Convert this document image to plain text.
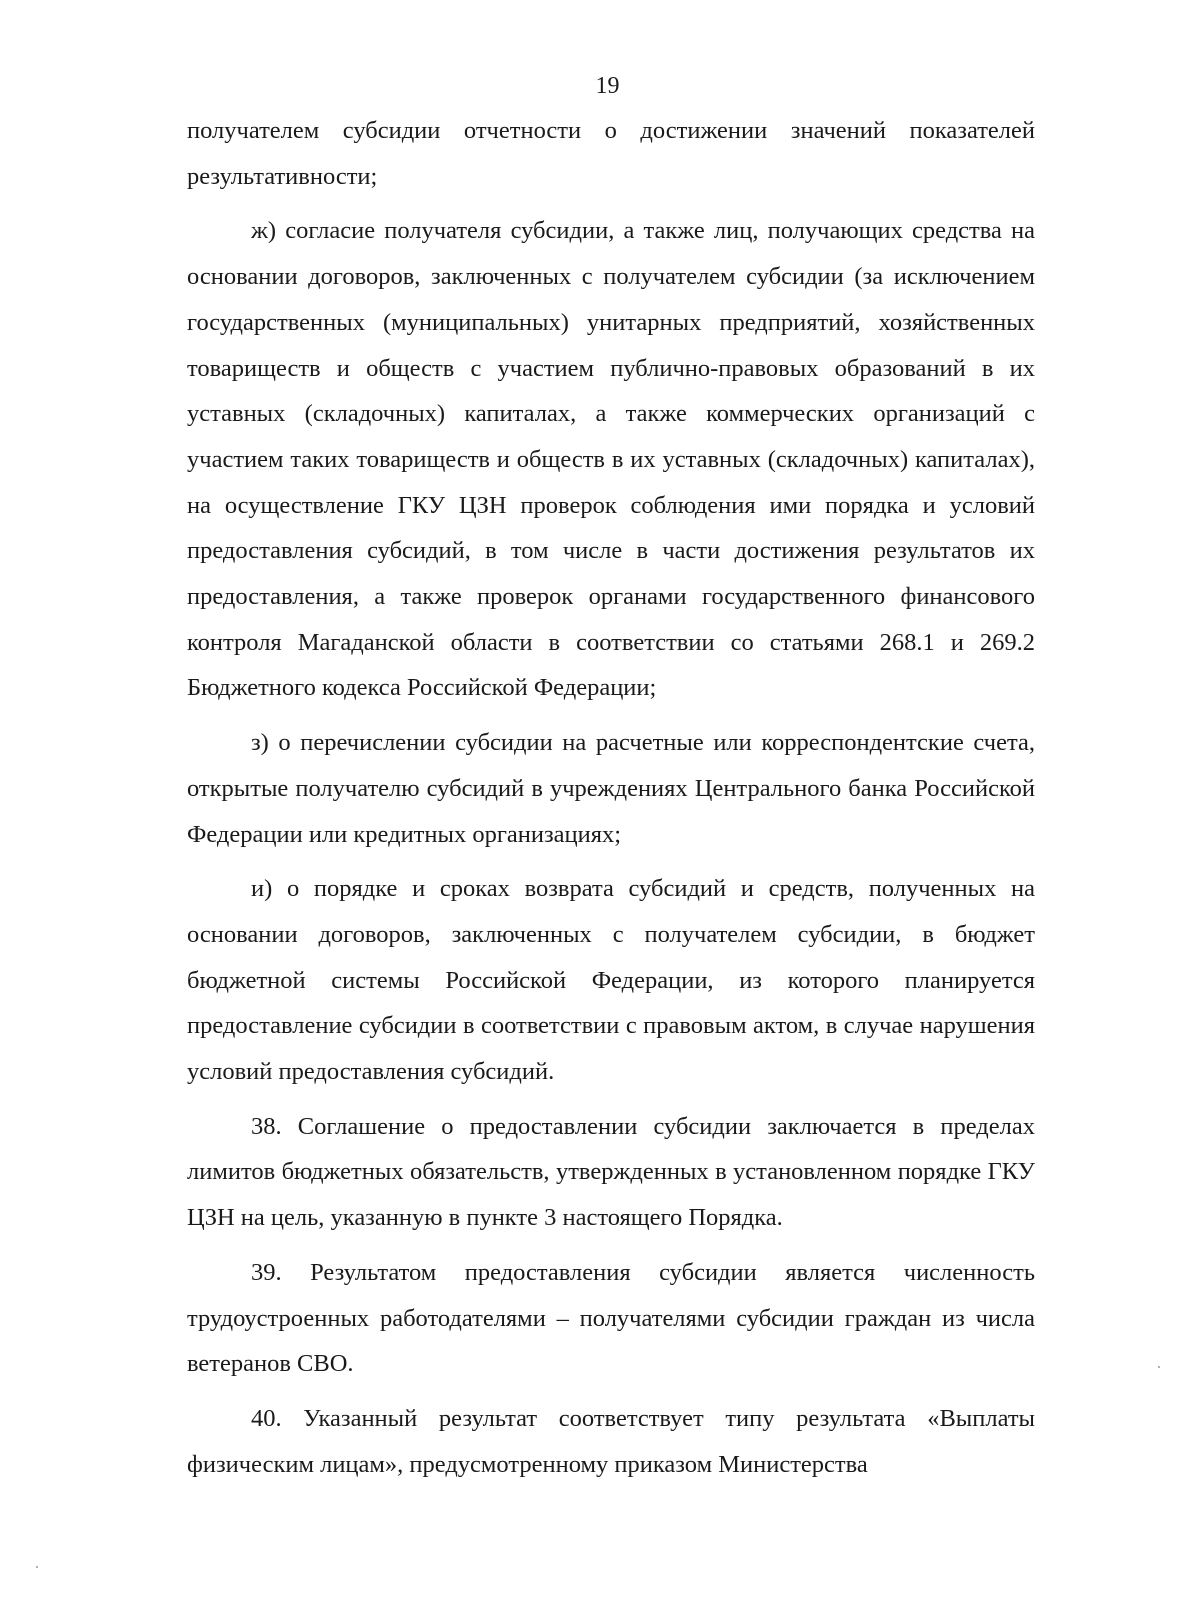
19

получателем субсидии отчетности о достижении значений показателей результативности;

ж) согласие получателя субсидии, а также лиц, получающих средства на основании договоров, заключенных с получателем субсидии (за исключением государственных (муниципальных) унитарных предприятий, хозяйственных товариществ и обществ с участием публично-правовых образований в их уставных (складочных) капиталах, а также коммерческих организаций с участием таких товариществ и обществ в их уставных (складочных) капиталах), на осуществление ГКУ ЦЗН проверок соблюдения ими порядка и условий предоставления субсидий, в том числе в части достижения результатов их предоставления, а также проверок органами государственного финансового контроля Магаданской области в соответствии со статьями 268.1 и 269.2 Бюджетного кодекса Российской Федерации;

з) о перечислении субсидии на расчетные или корреспондентские счета, открытые получателю субсидий в учреждениях Центрального банка Российской Федерации или кредитных организациях;

и) о порядке и сроках возврата субсидий и средств, полученных на основании договоров, заключенных с получателем субсидии, в бюджет бюджетной системы Российской Федерации, из которого планируется предоставление субсидии в соответствии с правовым актом, в случае нарушения условий предоставления субсидий.

38. Соглашение о предоставлении субсидии заключается в пределах лимитов бюджетных обязательств, утвержденных в установленном порядке ГКУ ЦЗН на цель, указанную в пункте 3 настоящего Порядка.

39. Результатом предоставления субсидии является численность трудоустроенных работодателями – получателями субсидии граждан из числа ветеранов СВО.

40. Указанный результат соответствует типу результата «Выплаты физическим лицам», предусмотренному приказом Министерства
